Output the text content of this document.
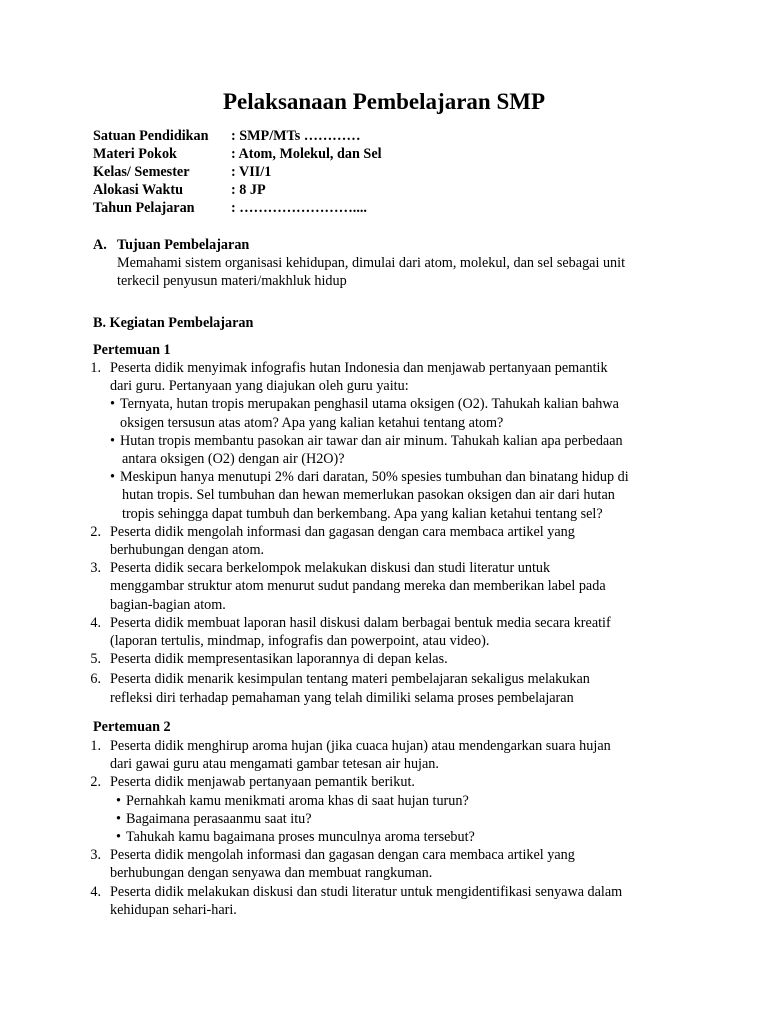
Pelaksanaan Pembelajaran SMP
Satuan Pendidikan : SMP/MTs …………
Materi Pokok	: Atom, Molekul, dan Sel
Kelas/ Semester	: VII/1
Alokasi Waktu	: 8 JP
Tahun Pelajaran	: ……………………....
A. Tujuan Pembelajaran
Memahami sistem organisasi kehidupan, dimulai dari atom, molekul, dan sel sebagai unit
terkecil penyusun materi/makhluk hidup
B. Kegiatan Pembelajaran
Pertemuan 1
1. Peserta didik menyimak infografis hutan Indonesia dan menjawab pertanyaan pemantik
dari guru. Pertanyaan yang diajukan oleh guru yaitu:
• Ternyata, hutan tropis merupakan penghasil utama oksigen (O2). Tahukah kalian bahwa
oksigen tersusun atas atom? Apa yang kalian ketahui tentang atom?
• Hutan tropis membantu pasokan air tawar dan air minum. Tahukah kalian apa perbedaan
antara oksigen (O2) dengan air (H2O)?
• Meskipun hanya menutupi 2% dari daratan, 50% spesies tumbuhan dan binatang hidup di
hutan tropis. Sel tumbuhan dan hewan memerlukan pasokan oksigen dan air dari hutan
tropis sehingga dapat tumbuh dan berkembang. Apa yang kalian ketahui tentang sel?
2. Peserta didik mengolah informasi dan gagasan dengan cara membaca artikel yang
berhubungan dengan atom.
3. Peserta didik secara berkelompok melakukan diskusi dan studi literatur untuk
menggambar struktur atom menurut sudut pandang mereka dan memberikan label pada
bagian-bagian atom.
4. Peserta didik membuat laporan hasil diskusi dalam berbagai bentuk media secara kreatif
(laporan tertulis, mindmap, infografis dan powerpoint, atau video).
5. Peserta didik mempresentasikan laporannya di depan kelas.
6. Peserta didik menarik kesimpulan tentang materi pembelajaran sekaligus melakukan
refleksi diri terhadap pemahaman yang telah dimiliki selama proses pembelajaran
Pertemuan 2
1. Peserta didik menghirup aroma hujan (jika cuaca hujan) atau mendengarkan suara hujan
dari gawai guru atau mengamati gambar tetesan air hujan.
2. Peserta didik menjawab pertanyaan pemantik berikut.
• Pernahkah kamu menikmati aroma khas di saat hujan turun?
• Bagaimana perasaanmu saat itu?
• Tahukah kamu bagaimana proses munculnya aroma tersebut?
3. Peserta didik mengolah informasi dan gagasan dengan cara membaca artikel yang
berhubungan dengan senyawa dan membuat rangkuman.
4. Peserta didik melakukan diskusi dan studi literatur untuk mengidentifikasi senyawa dalam
kehidupan sehari-hari.
